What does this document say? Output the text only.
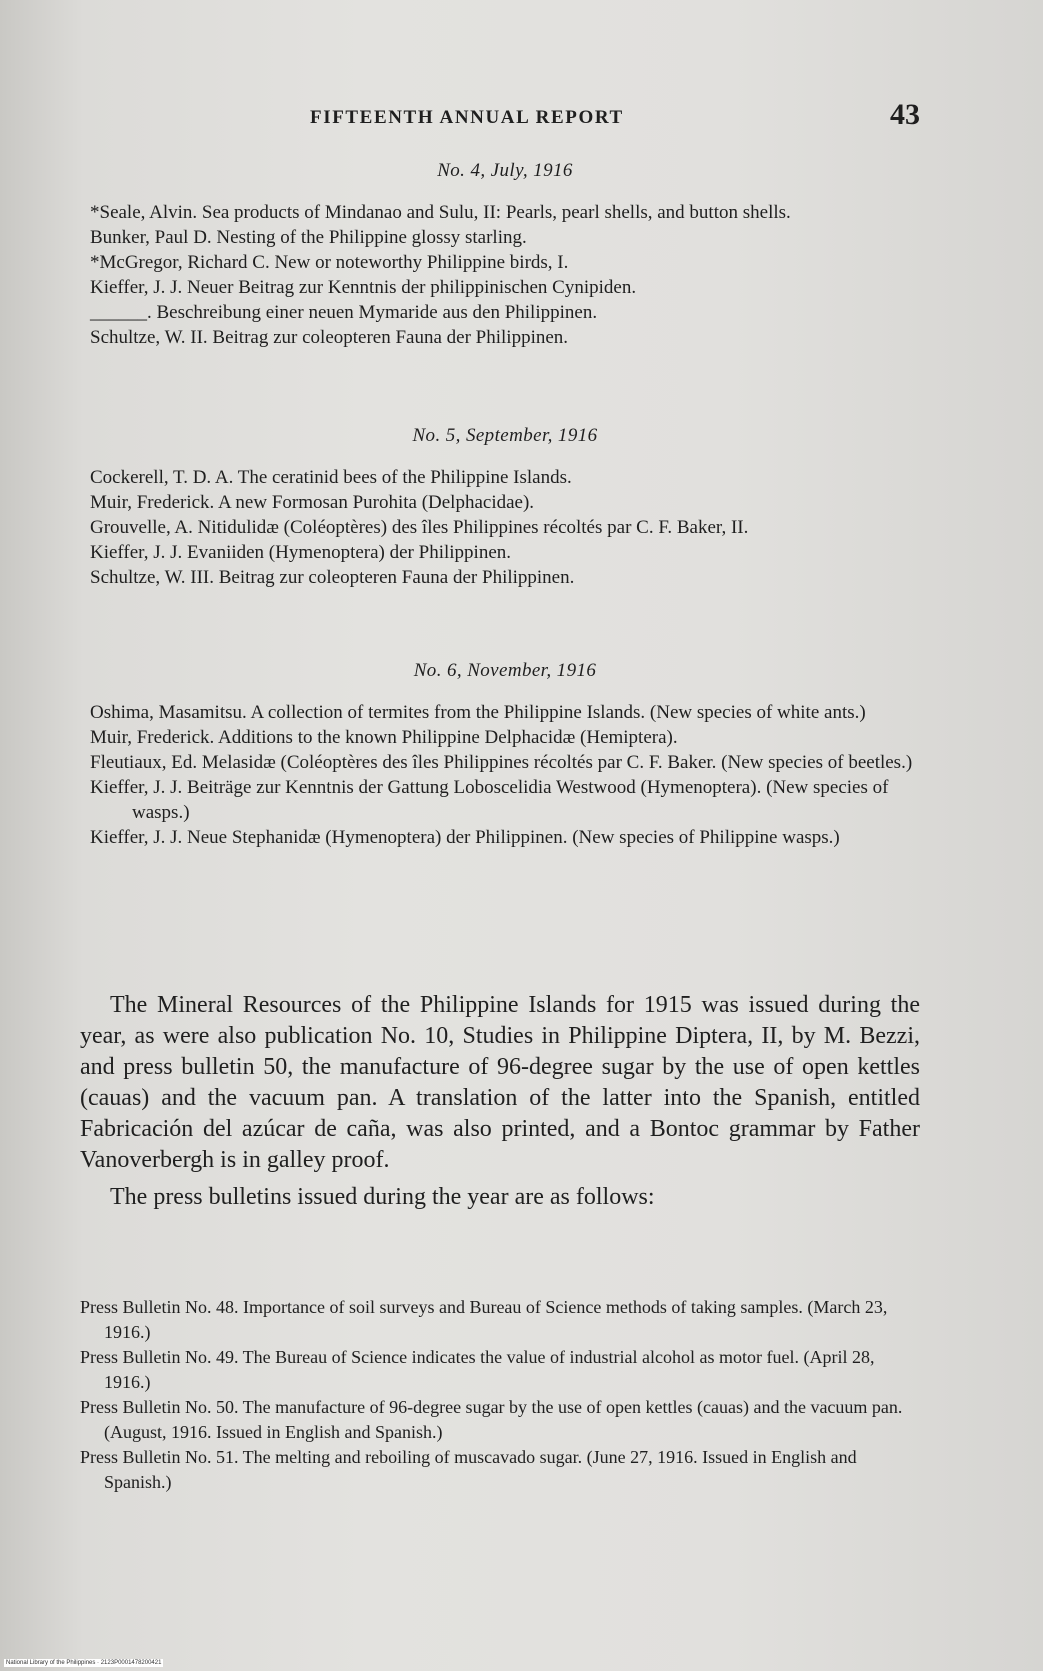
FIFTEENTH ANNUAL REPORT	43
No. 4, July, 1916

*Seale, Alvin. Sea products of Mindanao and Sulu, II: Pearls, pearl shells, and button shells.

Bunker, Paul D. Nesting of the Philippine glossy starling.

*McGregor, Richard C. New or noteworthy Philippine birds, I.

Kieffer, J. J. Neuer Beitrag zur Kenntnis der philippinischen Cynipiden.

______. Beschreibung einer neuen Mymaride aus den Philippinen.

Schultze, W. II. Beitrag zur coleopteren Fauna der Philippinen.

No. 5, September, 1916

Cockerell, T. D. A. The ceratinid bees of the Philippine Islands.

Muir, Frederick. A new Formosan Purohita (Delphacidae).

Grouvelle, A. Nitidulidæ (Coléoptères) des îles Philippines récoltés par C. F. Baker, II.

Kieffer, J. J. Evaniiden (Hymenoptera) der Philippinen.

Schultze, W. III. Beitrag zur coleopteren Fauna der Philippinen.

No. 6, November, 1916

Oshima, Masamitsu. A collection of termites from the Philippine Islands. (New species of white ants.)

Muir, Frederick. Additions to the known Philippine Delphacidæ (Hemiptera).

Fleutiaux, Ed. Melasidæ (Coléoptères des îles Philippines récoltés par C. F. Baker. (New species of beetles.)

Kieffer, J. J. Beiträge zur Kenntnis der Gattung Loboscelidia Westwood (Hymenoptera). (New species of wasps.)

Kieffer, J. J. Neue Stephanidæ (Hymenoptera) der Philippinen. (New species of Philippine wasps.)

The Mineral Resources of the Philippine Islands for 1915 was issued during the year, as were also publication No. 10, Studies in Philippine Diptera, II, by M. Bezzi, and press bulletin 50, the manufacture of 96-degree sugar by the use of open kettles (cauas) and the vacuum pan. A translation of the latter into the Spanish, entitled Fabricación del azúcar de caña, was also printed, and a Bontoc grammar by Father Vanoverbergh is in galley proof.

The press bulletins issued during the year are as follows:

Press Bulletin No. 48. Importance of soil surveys and Bureau of Science methods of taking samples. (March 23, 1916.)

Press Bulletin No. 49. The Bureau of Science indicates the value of industrial alcohol as motor fuel. (April 28, 1916.)

Press Bulletin No. 50. The manufacture of 96-degree sugar by the use of open kettles (cauas) and the vacuum pan. (August, 1916. Issued in English and Spanish.)

Press Bulletin No. 51. The melting and reboiling of muscavado sugar. (June 27, 1916. Issued in English and Spanish.)

National Library of the Philippines · 2123P0001478200421
